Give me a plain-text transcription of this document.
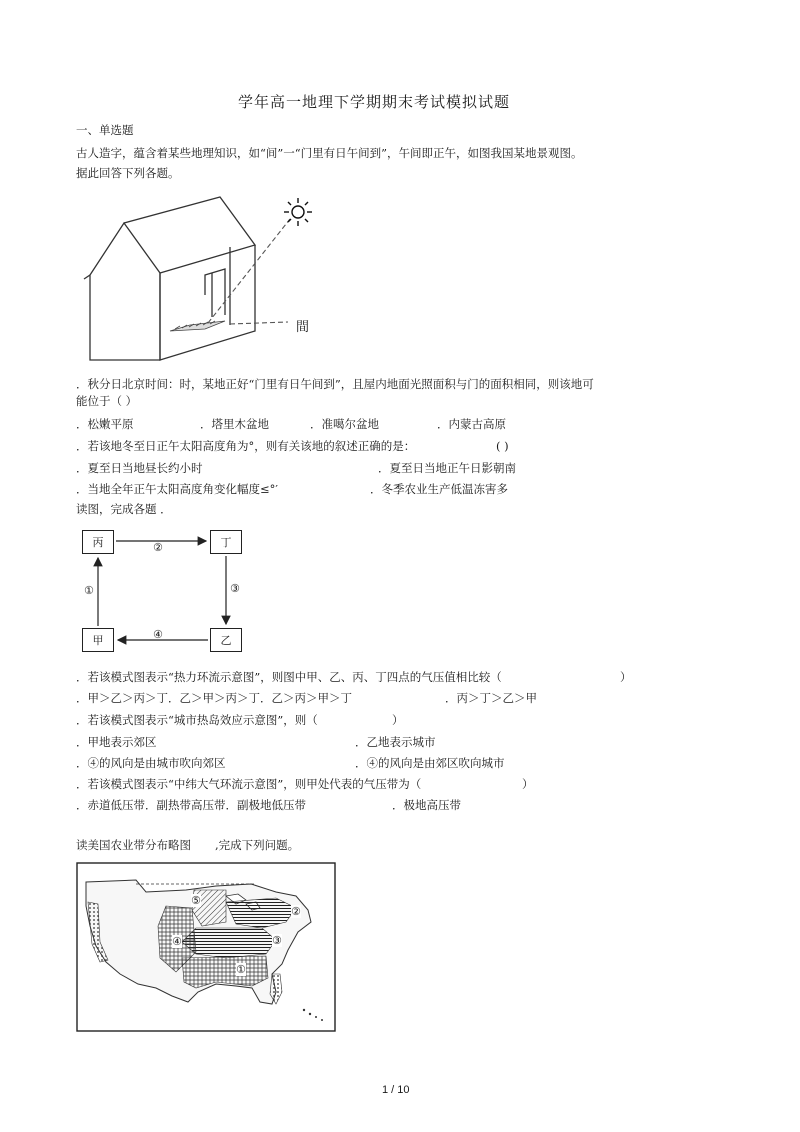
学年高一地理下学期期末考试模拟试题
一、单选题
古人造字，蕴含着某些地理知识，如“间”一“门里有日午间到”，午间即正午，如图我国某地景观图。
据此回答下列各题。
間
．秋分日北京时间：时，某地正好“门里有日午间到”，且屋内地面光照面积与门的面积相同，则该地可
能位于（ ）
．松嫩平原	．塔里木盆地	．准噶尔盆地	．内蒙古高原
．若该地冬至日正午太阳高度角为°，则有关该地的叙述正确的是：	( )
．夏至日当地昼长约小时	．夏至日当地正午日影朝南
．当地全年正午太阳高度角变化幅度≤°′	．冬季农业生产低温冻害多
读图，完成各题 ．
丙	丁
乙
甲
②
③
④
①
．若该模式图表示“热力环流示意图”，则图中甲、乙、丙、丁四点的气压值相比较（	）
．甲＞乙＞丙＞丁．乙＞甲＞丙＞丁．乙＞丙＞甲＞丁	．丙＞丁＞乙＞甲
．若该模式图表示“城市热岛效应示意图”，则（	）
．甲地表示郊区	．乙地表示城市
．④的风向是由城市吹向郊区	．④的风向是由郊区吹向城市
．若该模式图表示“中纬大气环流示意图”，则甲处代表的气压带为（	）
．赤道低压带．副热带高压带．副极地低压带	．极地高压带
读美国农业带分布略图 ,完成下列问题。
⑤
④	③
②
①
1 / 10
